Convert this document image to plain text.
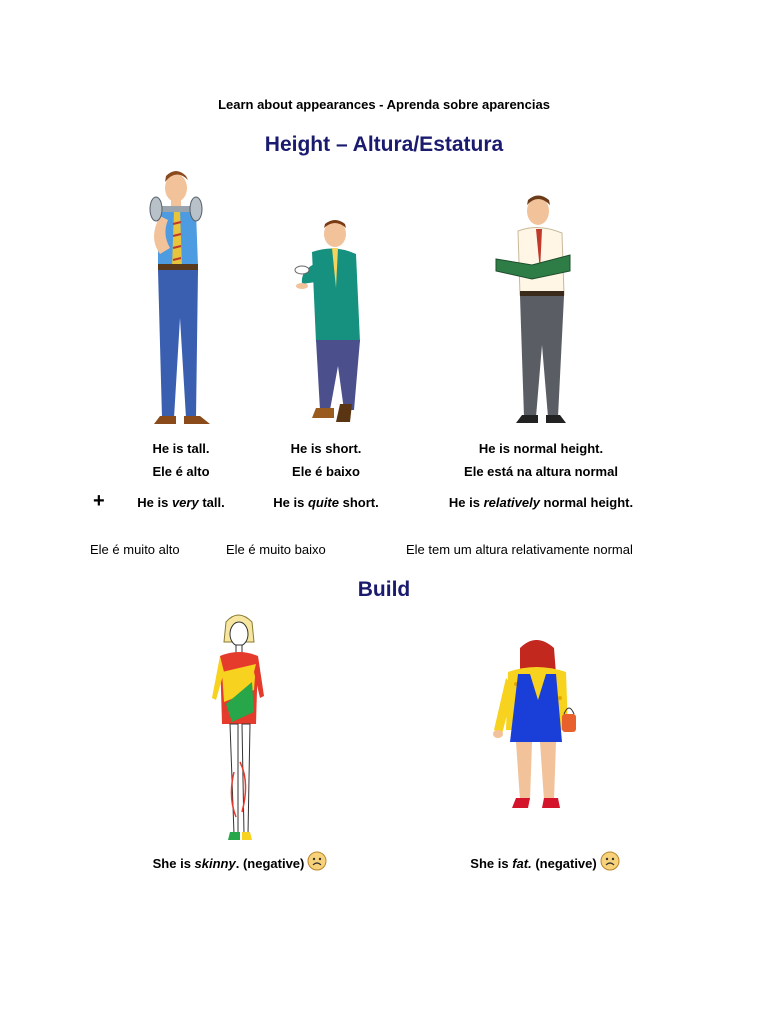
Learn about appearances - Aprenda sobre aparencias
Height – Altura/Estatura
He is tall.	He is short.	He is normal height.
Ele é alto	Ele é baixo	Ele está na altura normal
+	He is very tall.	He is quite short.	He is relatively normal height.
Ele é muito alto	Ele é muito baixo	Ele tem um altura relativamente normal
Build
She is skinny. (negative)	She is fat. (negative)
